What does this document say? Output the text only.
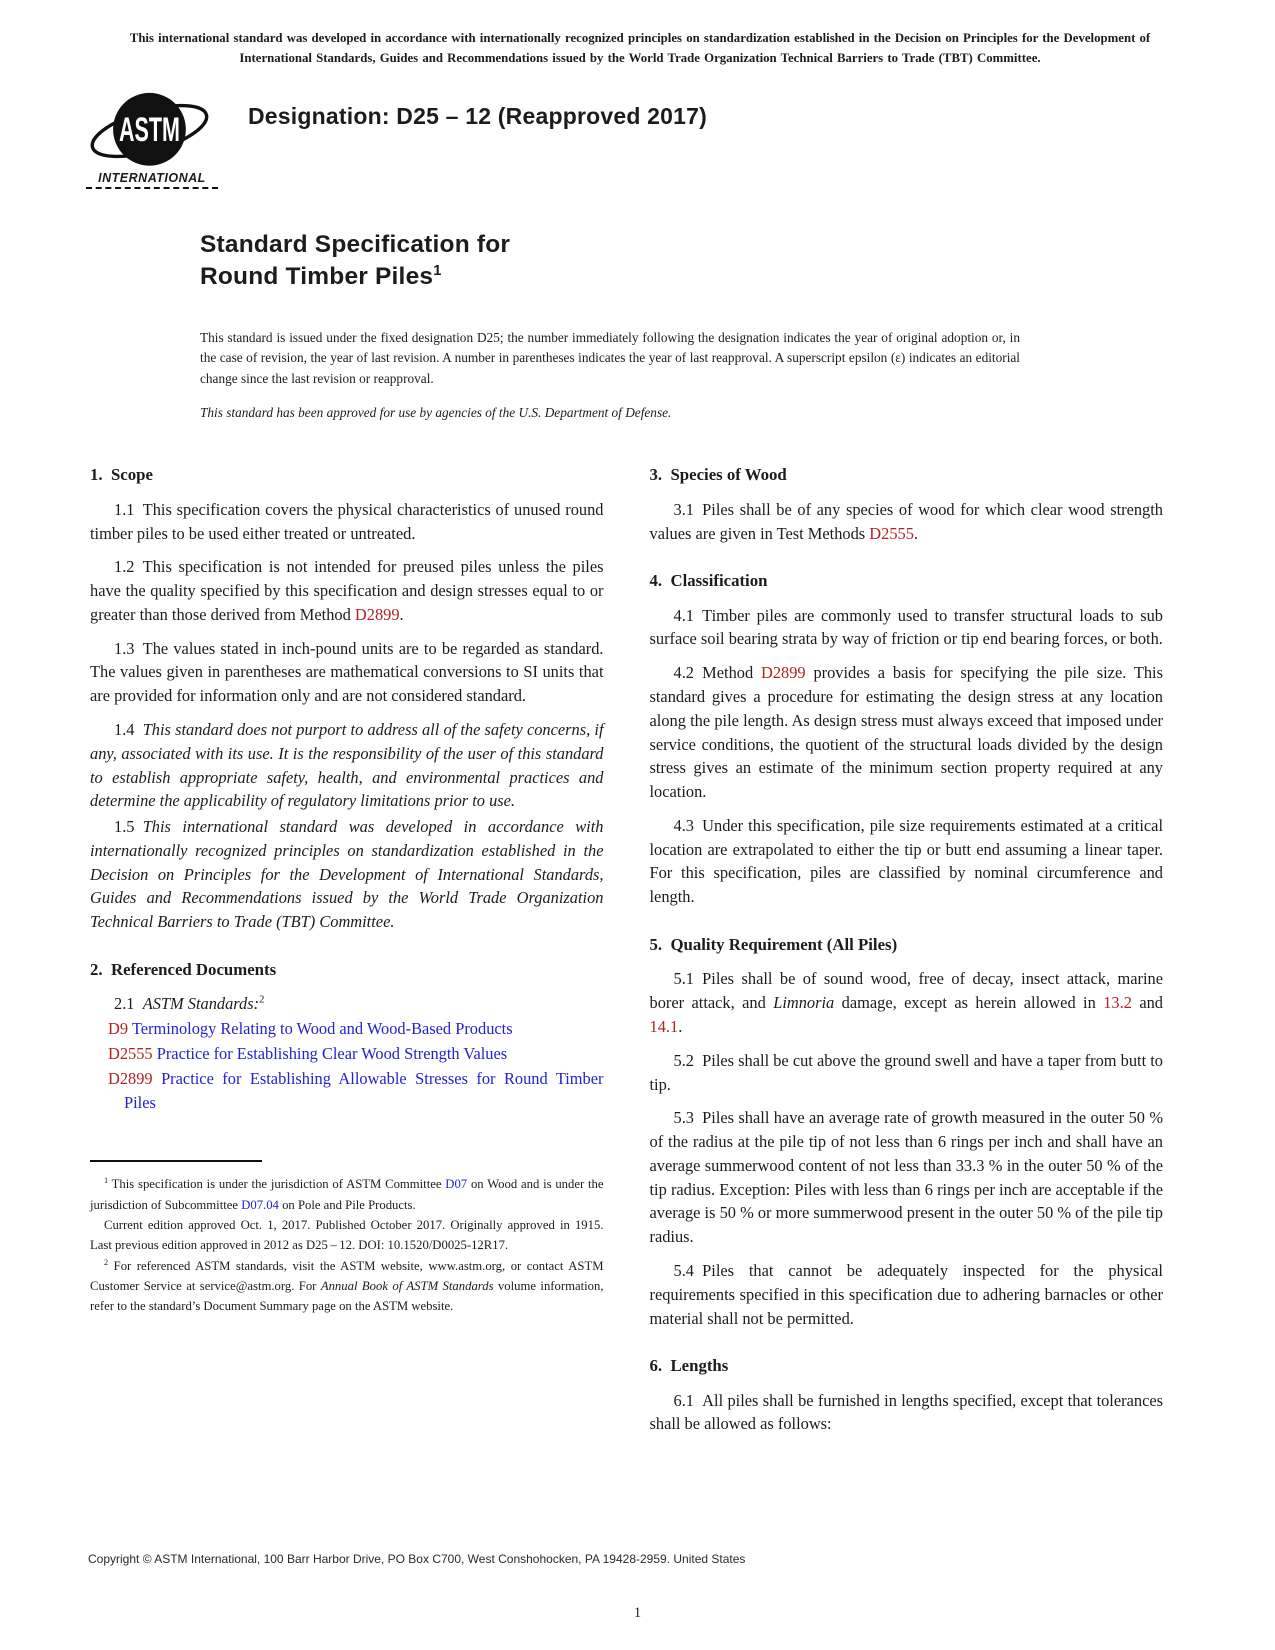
This international standard was developed in accordance with internationally recognized principles on standardization established in the Decision on Principles for the Development of International Standards, Guides and Recommendations issued by the World Trade Organization Technical Barriers to Trade (TBT) Committee.

ASTM
INTERNATIONAL
Designation: D25 – 12 (Reapproved 2017)
Standard Specification for
Round Timber Piles$^1$

This standard is issued under the fixed designation D25; the number immediately following the designation indicates the year of original adoption or, in the case of revision, the year of last revision. A number in parentheses indicates the year of last reapproval. A superscript epsilon (ε) indicates an editorial change since the last revision or reapproval.

This standard has been approved for use by agencies of the U.S. Department of Defense.

1. Scope

1.1 This specification covers the physical characteristics of unused round timber piles to be used either treated or untreated.

1.2 This specification is not intended for preused piles unless the piles have the quality specified by this specification and design stresses equal to or greater than those derived from Method D2899.

1.3 The values stated in inch-pound units are to be regarded as standard. The values given in parentheses are mathematical conversions to SI units that are provided for information only and are not considered standard.

1.4 This standard does not purport to address all of the safety concerns, if any, associated with its use. It is the responsibility of the user of this standard to establish appropriate safety, health, and environmental practices and determine the applicability of regulatory limitations prior to use.

1.5 This international standard was developed in accordance with internationally recognized principles on standardization established in the Decision on Principles for the Development of International Standards, Guides and Recommendations issued by the World Trade Organization Technical Barriers to Trade (TBT) Committee.

2. Referenced Documents

2.1 ASTM Standards:$^2$

D9 Terminology Relating to Wood and Wood-Based Products

D2555 Practice for Establishing Clear Wood Strength Values

D2899 Practice for Establishing Allowable Stresses for Round Timber Piles

$^1$ This specification is under the jurisdiction of ASTM Committee D07 on Wood and is under the jurisdiction of Subcommittee D07.04 on Pole and Pile Products.

Current edition approved Oct. 1, 2017. Published October 2017. Originally approved in 1915. Last previous edition approved in 2012 as D25 – 12. DOI: 10.1520/D0025-12R17.

$^2$ For referenced ASTM standards, visit the ASTM website, www.astm.org, or contact ASTM Customer Service at service@astm.org. For Annual Book of ASTM Standards volume information, refer to the standard’s Document Summary page on the ASTM website.

3. Species of Wood

3.1 Piles shall be of any species of wood for which clear wood strength values are given in Test Methods D2555.

4. Classification

4.1 Timber piles are commonly used to transfer structural loads to sub surface soil bearing strata by way of friction or tip end bearing forces, or both.

4.2 Method D2899 provides a basis for specifying the pile size. This standard gives a procedure for estimating the design stress at any location along the pile length. As design stress must always exceed that imposed under service conditions, the quotient of the structural loads divided by the design stress gives an estimate of the minimum section property required at any location.

4.3 Under this specification, pile size requirements estimated at a critical location are extrapolated to either the tip or butt end assuming a linear taper. For this specification, piles are classified by nominal circumference and length.

5. Quality Requirement (All Piles)

5.1 Piles shall be of sound wood, free of decay, insect attack, marine borer attack, and Limnoria damage, except as herein allowed in 13.2 and 14.1.

5.2 Piles shall be cut above the ground swell and have a taper from butt to tip.

5.3 Piles shall have an average rate of growth measured in the outer 50 % of the radius at the pile tip of not less than 6 rings per inch and shall have an average summerwood content of not less than 33.3 % in the outer 50 % of the tip radius. Exception: Piles with less than 6 rings per inch are acceptable if the average is 50 % or more summerwood present in the outer 50 % of the pile tip radius.

5.4 Piles that cannot be adequately inspected for the physical requirements specified in this specification due to adhering barnacles or other material shall not be permitted.

6. Lengths

6.1 All piles shall be furnished in lengths specified, except that tolerances shall be allowed as follows:

Copyright © ASTM International, 100 Barr Harbor Drive, PO Box C700, West Conshohocken, PA 19428-2959. United States
1
